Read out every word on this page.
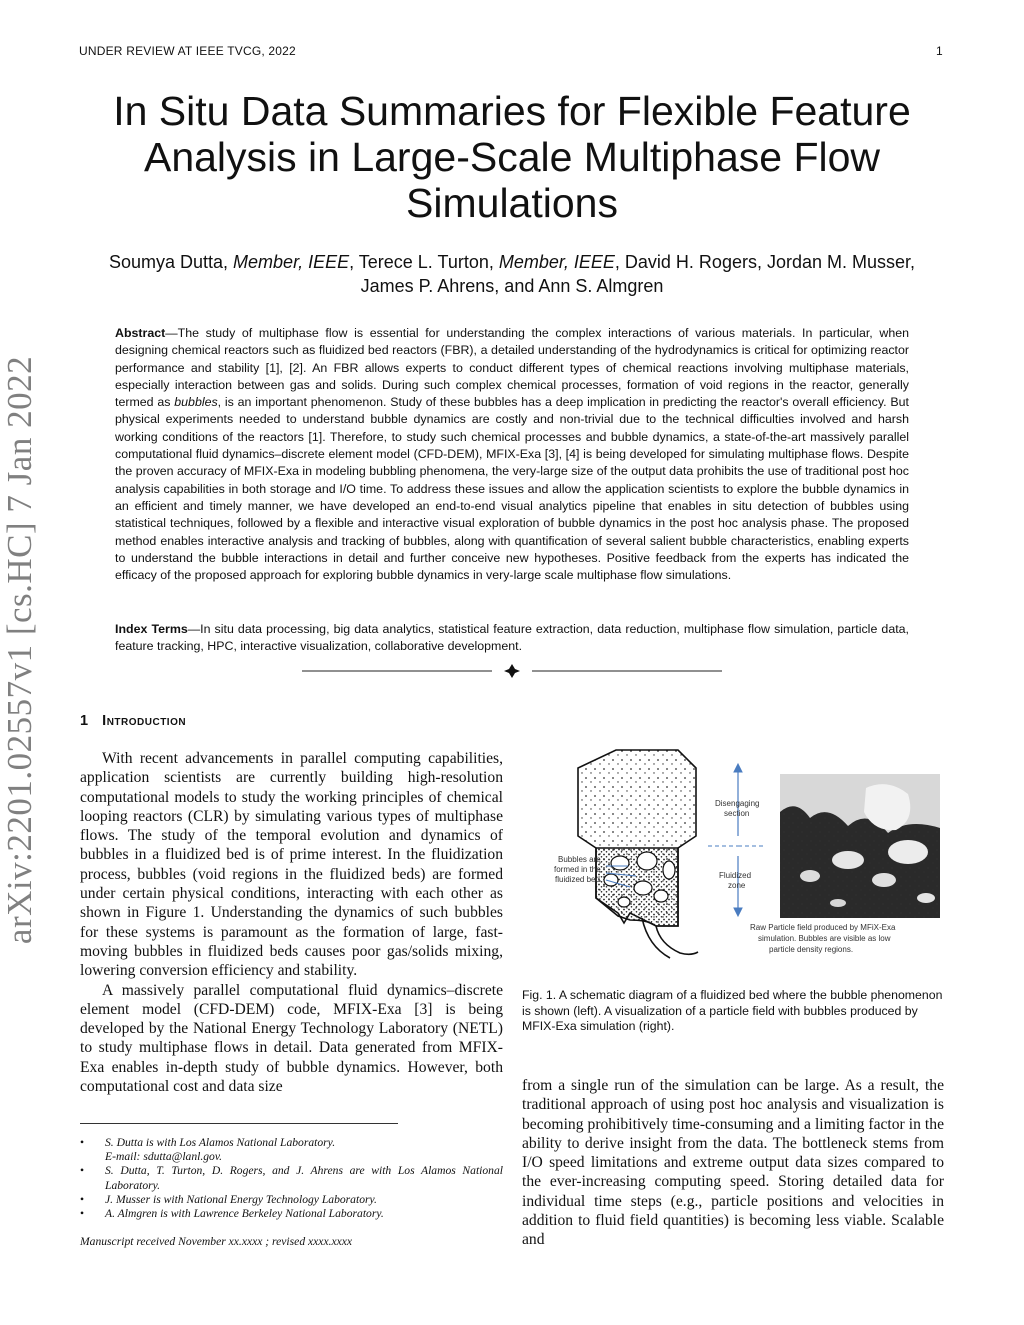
UNDER REVIEW AT IEEE TVCG, 2022	1
In Situ Data Summaries for Flexible Feature Analysis in Large-Scale Multiphase Flow Simulations
Soumya Dutta, Member, IEEE, Terece L. Turton, Member, IEEE, David H. Rogers, Jordan M. Musser, James P. Ahrens, and Ann S. Almgren
Abstract—The study of multiphase flow is essential for understanding the complex interactions of various materials. In particular, when designing chemical reactors such as fluidized bed reactors (FBR), a detailed understanding of the hydrodynamics is critical for optimizing reactor performance and stability [1], [2]. An FBR allows experts to conduct different types of chemical reactions involving multiphase materials, especially interaction between gas and solids. During such complex chemical processes, formation of void regions in the reactor, generally termed as bubbles, is an important phenomenon. Study of these bubbles has a deep implication in predicting the reactor's overall efficiency. But physical experiments needed to understand bubble dynamics are costly and non-trivial due to the technical difficulties involved and harsh working conditions of the reactors [1]. Therefore, to study such chemical processes and bubble dynamics, a state-of-the-art massively parallel computational fluid dynamics–discrete element model (CFD-DEM), MFIX-Exa [3], [4] is being developed for simulating multiphase flows. Despite the proven accuracy of MFIX-Exa in modeling bubbling phenomena, the very-large size of the output data prohibits the use of traditional post hoc analysis capabilities in both storage and I/O time. To address these issues and allow the application scientists to explore the bubble dynamics in an efficient and timely manner, we have developed an end-to-end visual analytics pipeline that enables in situ detection of bubbles using statistical techniques, followed by a flexible and interactive visual exploration of bubble dynamics in the post hoc analysis phase. The proposed method enables interactive analysis and tracking of bubbles, along with quantification of several salient bubble characteristics, enabling experts to understand the bubble interactions in detail and further conceive new hypotheses. Positive feedback from the experts has indicated the efficacy of the proposed approach for exploring bubble dynamics in very-large scale multiphase flow simulations.
Index Terms—In situ data processing, big data analytics, statistical feature extraction, data reduction, multiphase flow simulation, particle data, feature tracking, HPC, interactive visualization, collaborative development.
arXiv:2201.02557v1 [cs.HC] 7 Jan 2022	1 Introduction

With recent advancements in parallel computing capabilities, application scientists are currently building high-resolution computational models to study the working principles of chemical looping reactors (CLR) by simulating various types of multiphase flows. The study of the temporal evolution and dynamics of bubbles in a fluidized bed is of prime interest. In the fluidization process, bubbles (void regions in the fluidized beds) are formed under certain physical conditions, interacting with each other as shown in Figure 1. Understanding the dynamics of such bubbles for these systems is paramount as the formation of large, fast-moving bubbles in fluidized beds causes poor gas/solids mixing, lowering conversion efficiency and stability.

A massively parallel computational fluid dynamics–discrete element model (CFD-DEM) code, MFIX-Exa [3] is being developed by the National Energy Technology Laboratory (NETL) to study multiphase flows in detail. Data generated from MFIX-Exa enables in-depth study of bubble dynamics. However, both computational cost and data size

Disengaging
section
Fluidized
zone
Bubbles are
formed in the
fluidized bed
Raw Particle field produced by MFiX-Exa
simulation. Bubbles are visible as low
particle density regions.
Fig. 1. A schematic diagram of a fluidized bed where the bubble phenomenon is shown (left). A visualization of a particle field with bubbles produced by MFIX-Exa simulation (right).

from a single run of the simulation can be large. As a result, the traditional approach of using post hoc analysis and visualization is becoming prohibitively time-consuming and a limiting factor in the ability to derive insight from the data. The bottleneck stems from I/O speed limitations and extreme output data sizes compared to the ever-increasing computing speed. Storing detailed data for individual time steps (e.g., particle positions and velocities in addition to fluid field quantities) is becoming less viable. Scalable and

• S. Dutta is with Los Alamos National Laboratory.
E-mail: sdutta@lanl.gov.
• S. Dutta, T. Turton, D. Rogers, and J. Ahrens are with Los Alamos National Laboratory.
• J. Musser is with National Energy Technology Laboratory.
• A. Almgren is with Lawrence Berkeley National Laboratory.
Manuscript received November xx.xxxx ; revised xxxx.xxxx
